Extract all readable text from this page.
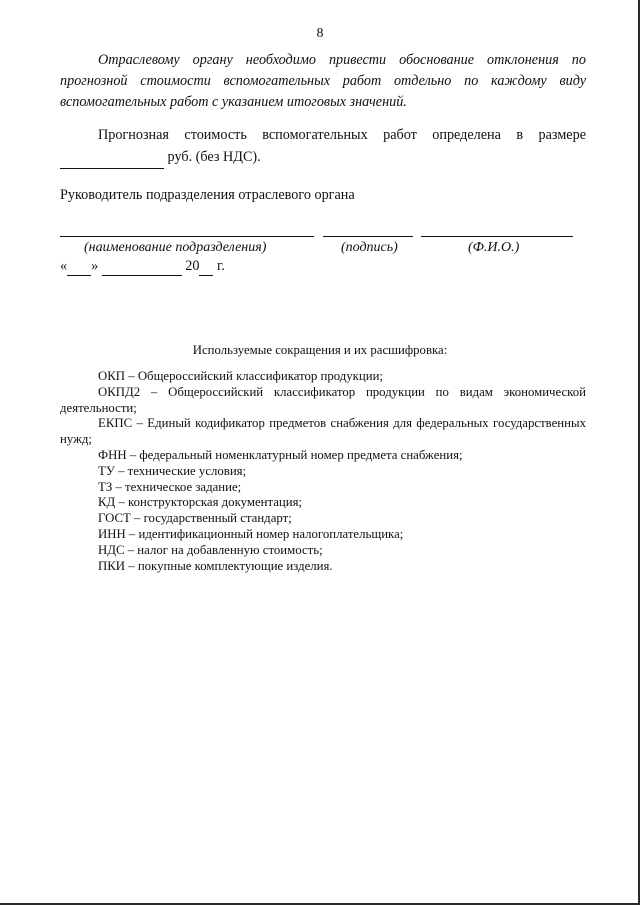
8

Отраслевому органу необходимо привести обоснование отклонения по прогнозной стоимости вспомогательных работ отдельно по каждому виду вспомогательных работ с указанием итоговых значений.

Прогнозная стоимость вспомогательных работ определена в размере   руб. (без НДС).

Руководитель подразделения отраслевого органа
(наименование подразделения)	(подпись)	(Ф.И.О.)
« »	20  г.
Используемые сокращения и их расшифровка:
ОКП – Общероссийский классификатор продукции;
ОКПД2 – Общероссийский классификатор продукции по видам экономической деятельности;
ЕКПС – Единый кодификатор предметов снабжения для федеральных государственных нужд;
ФНН – федеральный номенклатурный номер предмета снабжения;
ТУ – технические условия;
ТЗ – техническое задание;
КД – конструкторская документация;
ГОСТ – государственный стандарт;
ИНН – идентификационный номер налогоплательщика;
НДС – налог на добавленную стоимость;
ПКИ – покупные комплектующие изделия.
